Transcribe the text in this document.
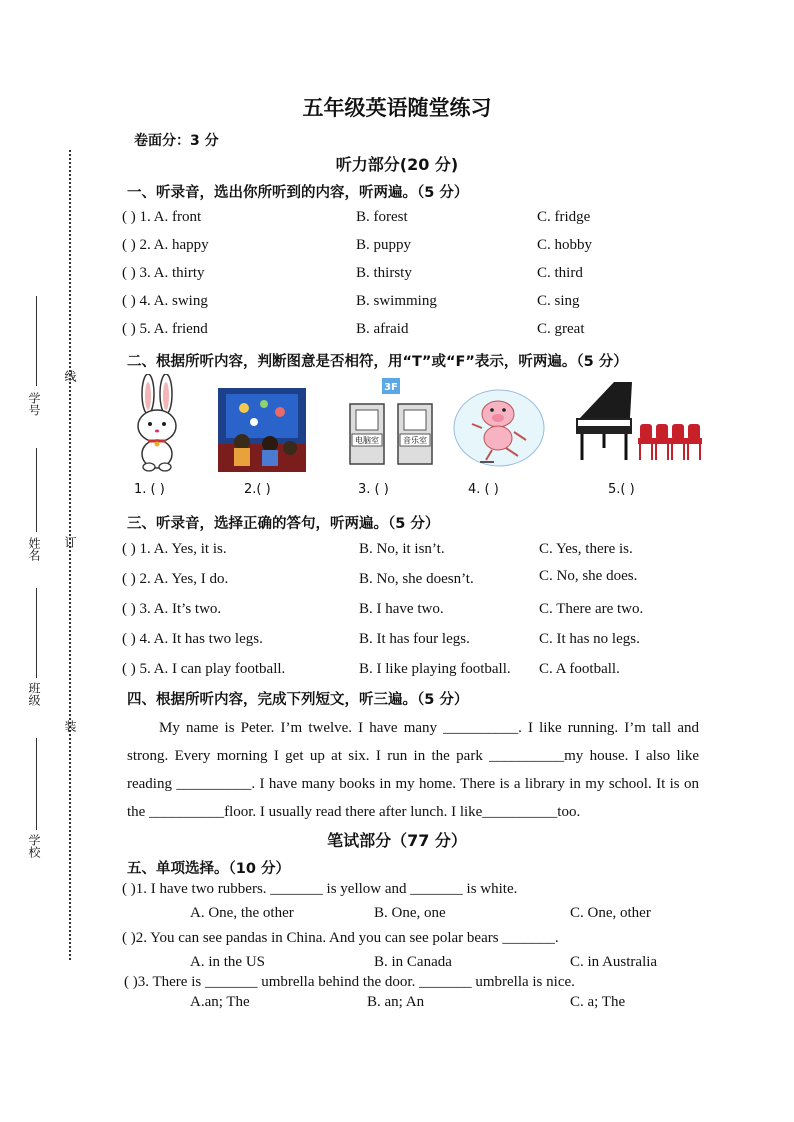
线
订
装
学号
姓名
班级
学校
五年级英语随堂练习
卷面分：3 分
听力部分(20 分)
一、听录音，选出你所听到的内容，听两遍。（5 分）
( ) 1. A. front	B. forest	C. fridge
( ) 2. A. happy	B. puppy	C. hobby
( ) 3. A. thirty	B. thirsty	C. third
( ) 4. A. swing	B. swimming	C. sing
( ) 5. A. friend	B. afraid	C. great
二、根据所听内容，判断图意是否相符，用“T”或“F”表示，听两遍。（5 分）
3F
电脑室	音乐室
1. ( )	2.( )	3. ( )	4. ( )	5.( )
三、听录音，选择正确的答句，听两遍。（5 分）
( ) 1. A. Yes, it is.	B. No, it isn’t.	C. Yes, there is.
( ) 2. A. Yes, I do.	B. No, she doesn’t.	C. No, she does.
( ) 3. A. It’s two.	B. I have two.	C. There are two.
( ) 4. A. It has two legs.	B. It has four legs.	C. It has no legs.
( ) 5. A. I can play football.	B. I like playing football. C. A football.
四、根据所听内容，完成下列短文，听三遍。（5 分）
My name is Peter. I’m twelve. I have many __________. I like running. I’m tall and strong. Every morning I get up at six. I run in the park __________my house. I also like reading __________. I have many books in my home. There is a library in my school. It is on the __________floor. I usually read there after lunch. I like__________too.
笔试部分（77 分）
五、单项选择。（10 分）
( )1. I have two rubbers. _______ is yellow and _______ is white.
A. One, the other	B. One, one	C. One, other
( )2. You can see pandas in China. And you can see polar bears _______.
A. in the US	B. in Canada	C. in Australia
( )3. There is _______ umbrella behind the door. _______ umbrella is nice.
A.an; The	B. an; An	C. a; The
